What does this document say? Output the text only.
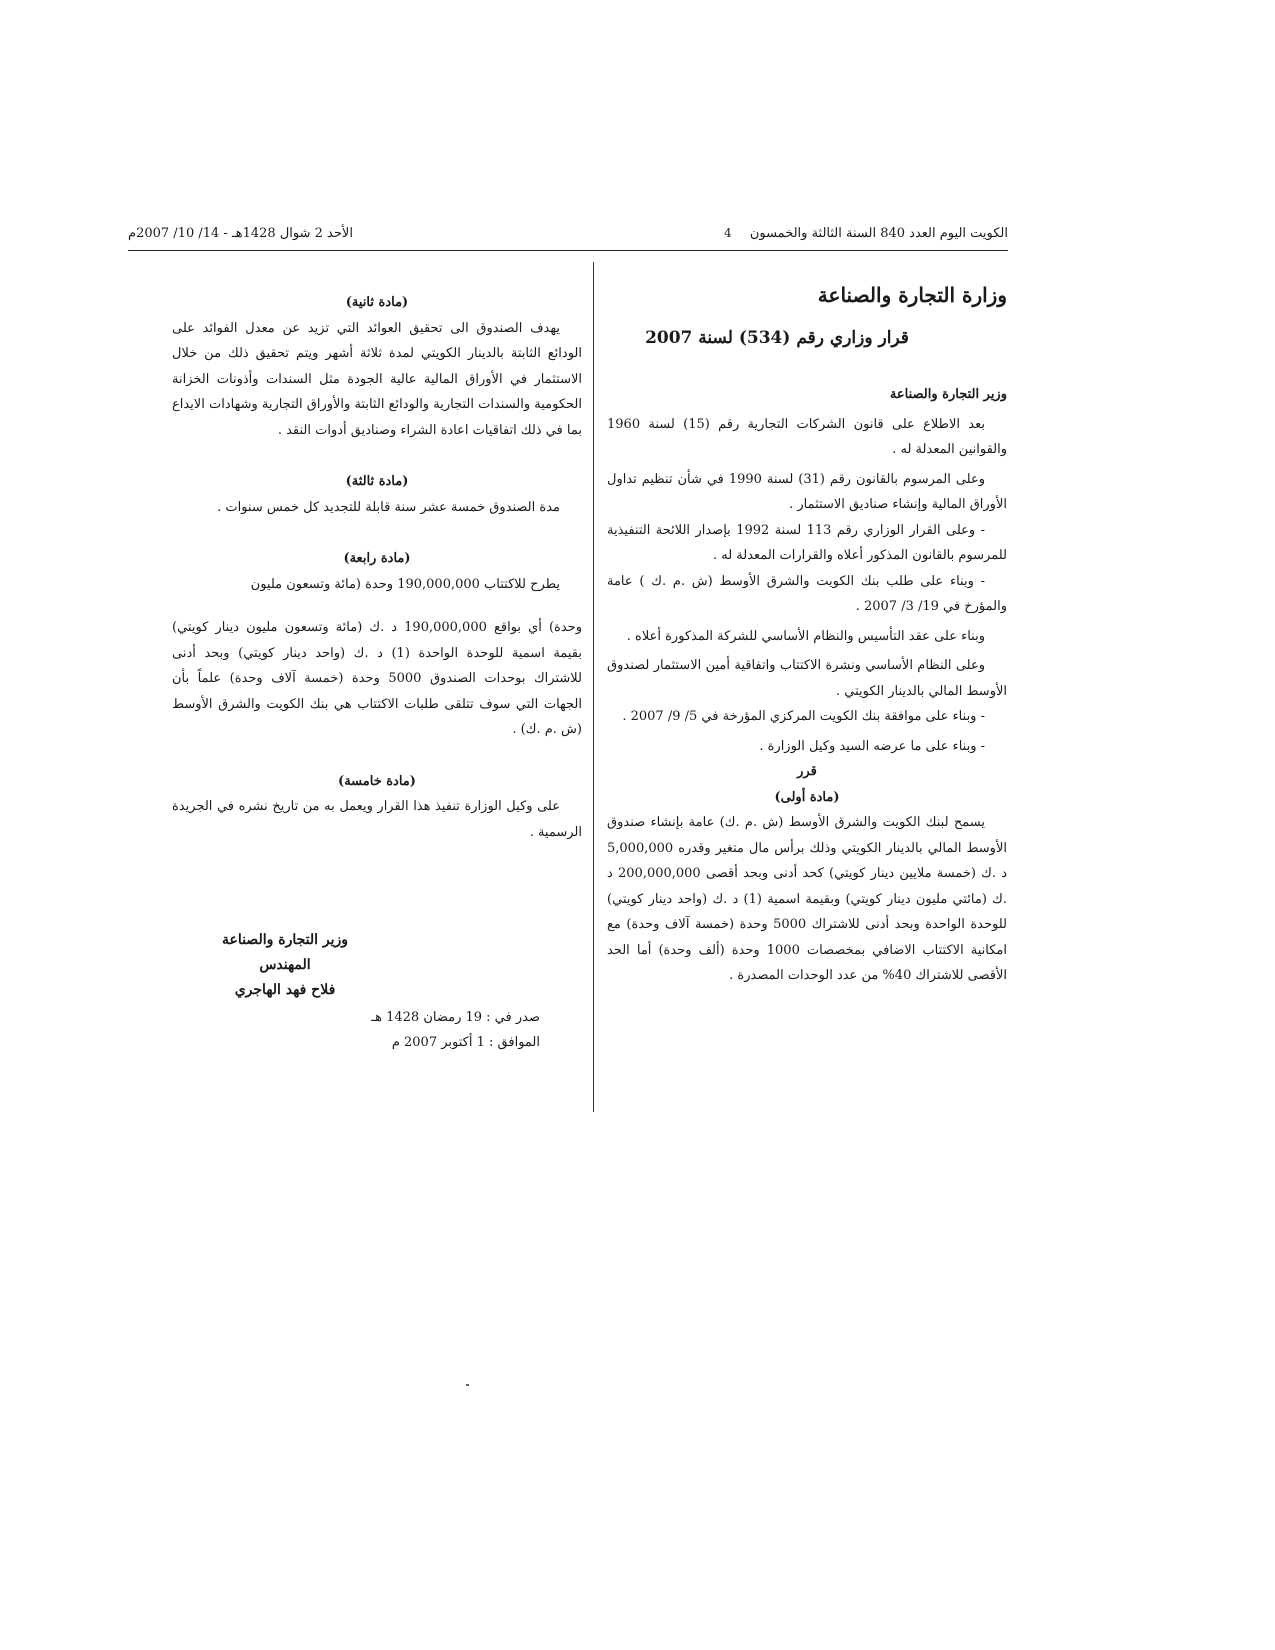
الكويت اليوم العدد 840 السنة الثالثة والخمسون 4
الأحد 2 شوال 1428هـ - 14/ 10/ 2007م

وزارة التجارة والصناعة

قرار وزاري رقم (534) لسنة 2007

وزير التجارة والصناعة

بعد الاطلاع على قانون الشركات التجارية رقم (15) لسنة 1960 والقوانين المعدلة له .

وعلى المرسوم بالقانون رقم (31) لسنة 1990 في شأن تنظيم تداول الأوراق المالية وإنشاء صناديق الاستثمار .

- وعلى القرار الوزاري رقم 113 لسنة 1992 بإصدار اللائحة التنفيذية للمرسوم بالقانون المذكور أعلاه والقرارات المعدلة له .

- وبناء على طلب بنك الكويت والشرق الأوسط (ش .م .ك ) عامة والمؤرخ في 19/ 3/ 2007 .

وبناء على عقد التأسيس والنظام الأساسي للشركة المذكورة أعلاه .

وعلى النظام الأساسي ونشرة الاكتتاب واتفاقية أمين الاستثمار لصندوق الأوسط المالي بالدينار الكويتي .

- وبناء على موافقة بنك الكويت المركزي المؤرخة في 5/ 9/ 2007 .

- وبناء على ما عرضه السيد وكيل الوزارة .

قرر

(مادة أولى)

يسمح لبنك الكويت والشرق الأوسط (ش .م .ك) عامة بإنشاء صندوق الأوسط المالي بالدينار الكويتي وذلك برأس مال متغير وقدره 5,000,000 د .ك (خمسة ملايين دينار كويتي) كحد أدنى وبحد أقصى 200,000,000 د .ك (مائتي مليون دينار كويتي) وبقيمة اسمية (1) د .ك (واحد دينار كويتي) للوحدة الواحدة وبحد أدنى للاشتراك 5000 وحدة (خمسة آلاف وحدة) مع امكانية الاكتتاب الاضافي بمخصصات 1000 وحدة (ألف وحدة) أما الحد الأقصى للاشتراك 40% من عدد الوحدات المصدرة .

(مادة ثانية)

يهدف الصندوق الى تحقيق العوائد التي تزيد عن معدل الفوائد على الودائع الثابتة بالدينار الكويتي لمدة ثلاثة أشهر ويتم تحقيق ذلك من خلال الاستثمار في الأوراق المالية عالية الجودة مثل السندات وأذونات الخزانة الحكومية والسندات التجارية والودائع الثابتة والأوراق التجارية وشهادات الايداع بما في ذلك اتفاقيات اعادة الشراء وصناديق أدوات النقد .

(مادة ثالثة)

مدة الصندوق خمسة عشر سنة قابلة للتجديد كل خمس سنوات .

(مادة رابعة)

يطرح للاكتتاب 190,000,000 وحدة (مائة وتسعون مليون

وحدة) أي بواقع 190,000,000 د .ك (مائة وتسعون مليون دينار كويتي) بقيمة اسمية للوحدة الواحدة (1) د .ك (واحد دينار كويتي) وبحد أدنى للاشتراك بوحدات الصندوق 5000 وحدة (خمسة آلاف وحدة) علماً بأن الجهات التي سوف تتلقى طلبات الاكتتاب هي بنك الكويت والشرق الأوسط (ش .م .ك) .

(مادة خامسة)

على وكيل الوزارة تنفيذ هذا القرار ويعمل به من تاريخ نشره في الجريدة الرسمية .

وزير التجارة والصناعة
المهندس
فلاح فهد الهاجري
صدر في : 19 رمضان 1428 هـ
الموافق : 1 أكتوبر 2007 م
